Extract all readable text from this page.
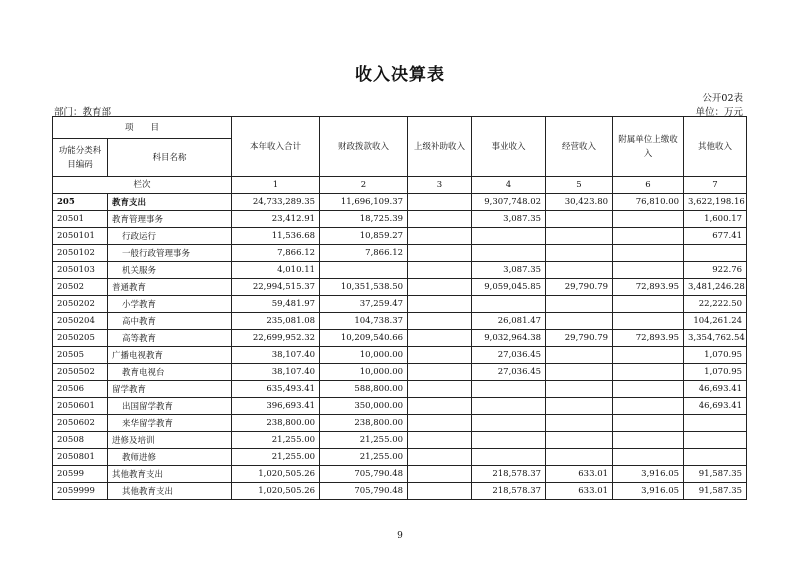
收入决算表
公开02表
部门：教育部	单位：万元
项　　目		本年收入合计	财政拨款收入	上级补助收入	事业收入	经营收入	附属单位上缴收入	其他收入
功能分类科目编码	科目名称							
栏次		1	2	3	4	5	6	7
205	教育支出	24,733,289.35	11,696,109.37		9,307,748.02	30,423.80	76,810.00	3,622,198.16
20501	教育管理事务	23,412.91	18,725.39		3,087.35			1,600.17
2050101	行政运行	11,536.68	10,859.27					677.41
2050102	一般行政管理事务	7,866.12	7,866.12					
2050103	机关服务	4,010.11			3,087.35			922.76
20502	普通教育	22,994,515.37	10,351,538.50		9,059,045.85	29,790.79	72,893.95	3,481,246.28
2050202	小学教育	59,481.97	37,259.47					22,222.50
2050204	高中教育	235,081.08	104,738.37		26,081.47			104,261.24
2050205	高等教育	22,699,952.32	10,209,540.66		9,032,964.38	29,790.79	72,893.95	3,354,762.54
20505	广播电视教育	38,107.40	10,000.00		27,036.45			1,070.95
2050502	教育电视台	38,107.40	10,000.00		27,036.45			1,070.95
20506	留学教育	635,493.41	588,800.00					46,693.41
2050601	出国留学教育	396,693.41	350,000.00					46,693.41
2050602	来华留学教育	238,800.00	238,800.00					
20508	进修及培训	21,255.00	21,255.00					
2050801	教师进修	21,255.00	21,255.00					
20599	其他教育支出	1,020,505.26	705,790.48		218,578.37	633.01	3,916.05	91,587.35
2059999	其他教育支出	1,020,505.26	705,790.48		218,578.37	633.01	3,916.05	91,587.35
9
